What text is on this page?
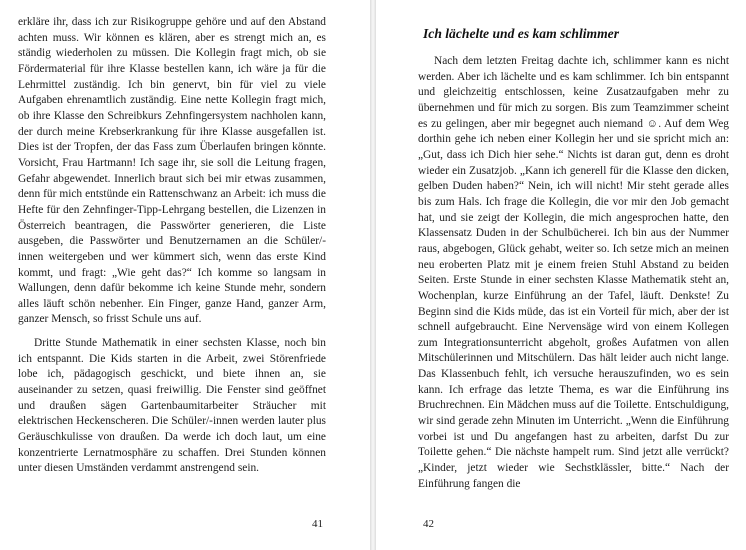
erkläre ihr, dass ich zur Risikogruppe gehöre und auf den Abstand achten muss. Wir können es klären, aber es strengt mich an, es ständig wiederholen zu müssen. Die Kollegin fragt mich, ob sie Fördermaterial für ihre Klasse bestellen kann, ich wäre ja für die Lehrmittel zuständig. Ich bin genervt, bin für viel zu viele Aufgaben ehrenamtlich zuständig. Eine nette Kollegin fragt mich, ob ihre Klasse den Schreibkurs Zehnfingersystem nachholen kann, der durch meine Krebserkrankung für ihre Klasse ausgefallen ist. Dies ist der Tropfen, der das Fass zum Überlaufen bringen könnte. Vorsicht, Frau Hartmann! Ich sage ihr, sie soll die Leitung fragen, Gefahr abgewendet. Innerlich braut sich bei mir etwas zusammen, denn für mich entstünde ein Rattenschwanz an Arbeit: ich muss die Hefte für den Zehnfinger-Tipp-Lehrgang bestellen, die Lizenzen in Österreich beantragen, die Passwörter generieren, die Liste ausgeben, die Passwörter und Benutzernamen an die Schüler/-innen weitergeben und wer kümmert sich, wenn das erste Kind kommt, und fragt: „Wie geht das?“ Ich komme so langsam in Wallungen, denn dafür bekomme ich keine Stunde mehr, sondern alles läuft schön nebenher. Ein Finger, ganze Hand, ganzer Arm, ganzer Mensch, so frisst Schule uns auf.

Dritte Stunde Mathematik in einer sechsten Klasse, noch bin ich entspannt. Die Kids starten in die Arbeit, zwei Störenfriede lobe ich, pädagogisch geschickt, und biete ihnen an, sie auseinander zu setzen, quasi freiwillig. Die Fenster sind geöffnet und draußen sägen Gartenbaumitarbeiter Sträucher mit elektrischen Heckenscheren. Die Schüler/-innen werden lauter plus Geräuschkulisse von draußen. Da werde ich doch laut, um eine konzentrierte Lernatmosphäre zu schaffen. Drei Stunden können unter diesen Umständen verdammt anstrengend sein.

41

Nach dem letzten Freitag dachte ich, schlimmer kann es nicht werden. Aber ich lächelte und es kam schlimmer. Ich bin entspannt und gleichzeitig entschlossen, keine Zusatzaufgaben mehr zu übernehmen und für mich zu sorgen. Bis zum Teamzimmer scheint es zu gelingen, aber mir begegnet auch niemand ☺. Auf dem Weg dorthin gehe ich neben einer Kollegin her und sie spricht mich an: „Gut, dass ich Dich hier sehe.“ Nichts ist daran gut, denn es droht wieder ein Zusatzjob. „Kann ich generell für die Klasse den dicken, gelben Duden haben?“ Nein, ich will nicht! Mir steht gerade alles bis zum Hals. Ich frage die Kollegin, die vor mir den Job gemacht hat, und sie zeigt der Kollegin, die mich angesprochen hatte, den Klassensatz Duden in der Schulbücherei. Ich bin aus der Nummer raus, abgebogen, Glück gehabt, weiter so. Ich setze mich an meinen neu eroberten Platz mit je einem freien Stuhl Abstand zu beiden Seiten. Erste Stunde in einer sechsten Klasse Mathematik steht an, Wochenplan, kurze Einführung an der Tafel, läuft. Denkste! Zu Beginn sind die Kids müde, das ist ein Vorteil für mich, aber der ist schnell aufgebraucht. Eine Nervensäge wird von einem Kollegen zum Integrationsunterricht abgeholt, großes Aufatmen von allen Mitschülerinnen und Mitschülern. Das hält leider auch nicht lange. Das Klassenbuch fehlt, ich versuche herauszufinden, wo es sein kann. Ich erfrage das letzte Thema, es war die Einführung ins Bruchrechnen. Ein Mädchen muss auf die Toilette. Entschuldigung, wir sind gerade zehn Minuten im Unterricht. „Wenn die Einführung vorbei ist und Du angefangen hast zu arbeiten, darfst Du zur Toilette gehen.“ Die nächste hampelt rum. Sind jetzt alle verrückt? „Kinder, jetzt wieder wie Sechstklässler, bitte.“ Nach der Einführung fangen die

Ich lächelte und es kam schlimmer
42
